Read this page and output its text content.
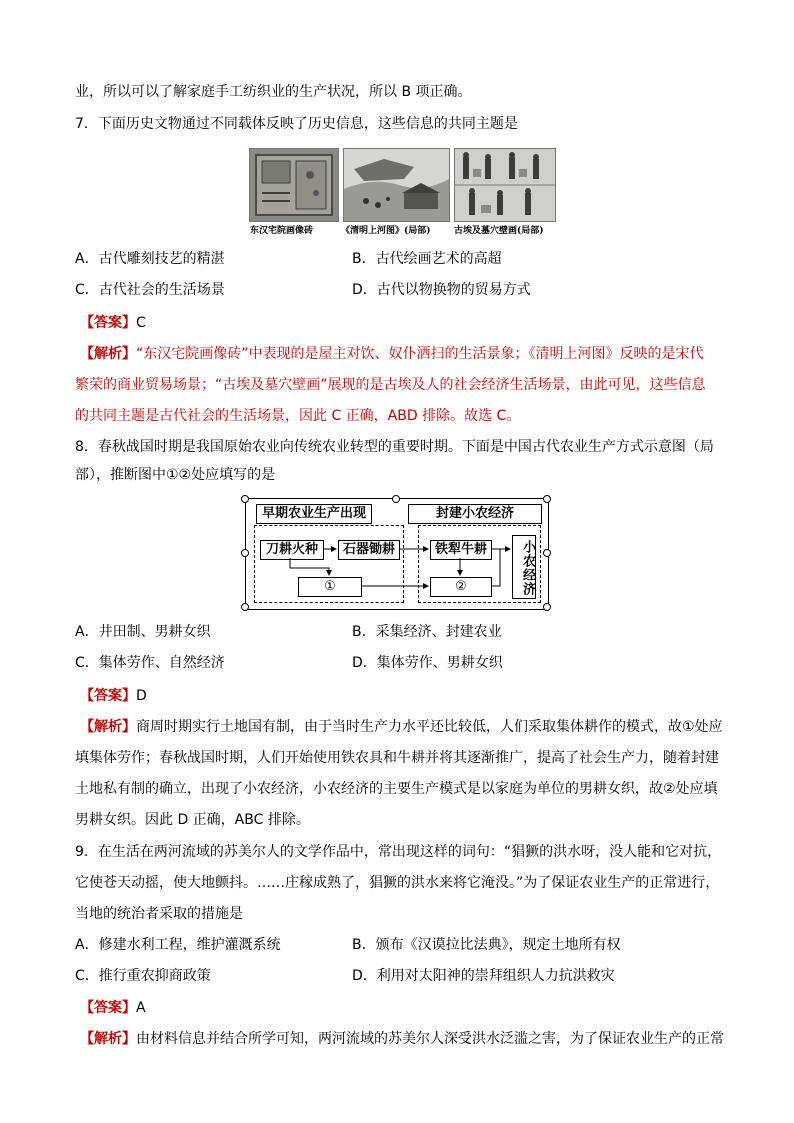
业，所以可以了解家庭手工纺织业的生产状况，所以 B 项正确。
7．下面历史文物通过不同载体反映了历史信息，这些信息的共同主题是
东汉宅院画像砖	《清明上河图》(局部)	古埃及墓穴壁画(局部)
A．古代雕刻技艺的精湛	B．古代绘画艺术的高超
C．古代社会的生活场景	D．古代以物换物的贸易方式
【答案】C
【解析】“东汉宅院画像砖”中表现的是屋主对饮、奴仆洒扫的生活景象；《清明上河图》反映的是宋代
繁荣的商业贸易场景；“古埃及墓穴壁画”展现的是古埃及人的社会经济生活场景，由此可见，这些信息
的共同主题是古代社会的生活场景，因此 C 正确，ABD 排除。故选 C。
8．春秋战国时期是我国原始农业向传统农业转型的重要时期。下面是中国古代农业生产方式示意图（局
部），推断图中①②处应填写的是
早期农业生产出现	封建小农经济
刀耕火种	石器锄耕	铁犁牛耕	小农经济
①	②
A．井田制、男耕女织	B．采集经济、封建农业
C．集体劳作、自然经济	D．集体劳作、男耕女织
【答案】D
【解析】商周时期实行土地国有制，由于当时生产力水平还比较低，人们采取集体耕作的模式，故①处应
填集体劳作；春秋战国时期，人们开始使用铁农具和牛耕并将其逐渐推广，提高了社会生产力，随着封建
土地私有制的确立，出现了小农经济，小农经济的主要生产模式是以家庭为单位的男耕女织，故②处应填
男耕女织。因此 D 正确，ABC 排除。
9．在生活在两河流域的苏美尔人的文学作品中，常出现这样的词句：“猖獗的洪水呀，没人能和它对抗，
它使苍天动摇，使大地颤抖。……庄稼成熟了，猖獗的洪水来将它淹没。”为了保证农业生产的正常进行，
当地的统治者采取的措施是
A．修建水利工程，维护灌溉系统	B．颁布《汉谟拉比法典》，规定土地所有权
C．推行重农抑商政策	D．利用对太阳神的崇拜组织人力抗洪救灾
【答案】A
【解析】由材料信息并结合所学可知，两河流域的苏美尔人深受洪水泛滥之害，为了保证农业生产的正常
